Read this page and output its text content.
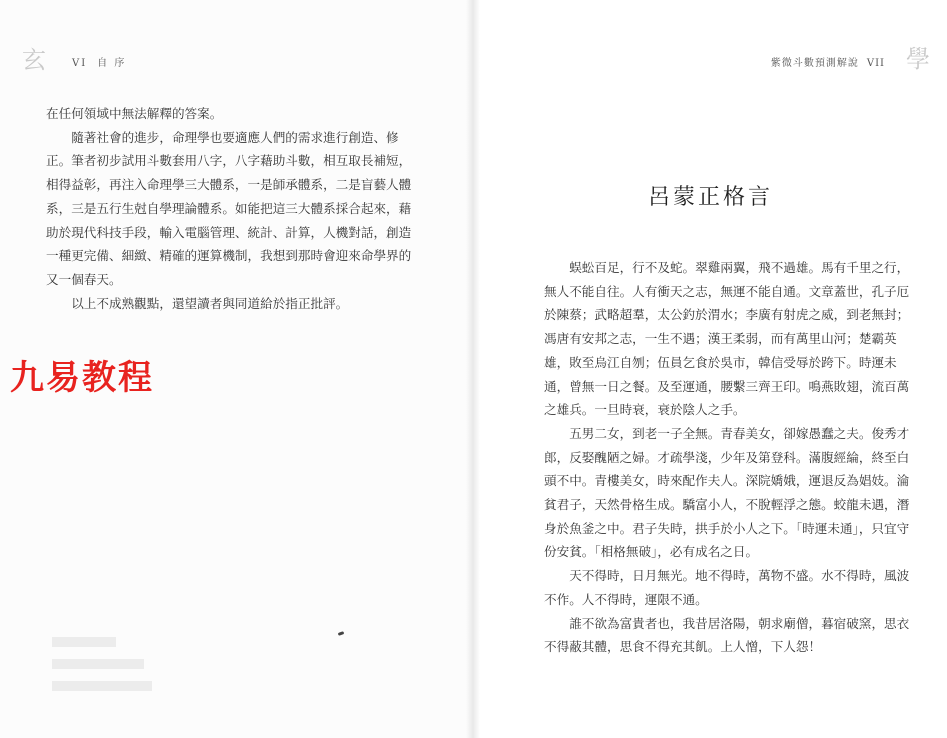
玄	VI 自 序

在任何領域中無法解釋的答案。

隨著社會的進步，命理學也要適應人們的需求進行創造、修正。筆者初步試用斗數套用八字，八字藉助斗數，相互取長補短，相得益彰，再注入命理學三大體系，一是師承體系，二是盲藝人體系，三是五行生尅自學理論體系。如能把這三大體系採合起來，藉助於現代科技手段，輸入電腦管理、統計、計算，人機對話，創造一種更完備、細緻、精確的運算機制，我想到那時會迎來命學界的又一個春天。

以上不成熟觀點，還望讀者與同道給於指正批評。

九易教程
紫微斗數預測解說 VII 學
呂蒙正格言

蜈蚣百足，行不及蛇。翠雞兩翼，飛不過雄。馬有千里之行，無人不能自往。人有衝天之志，無運不能自通。文章蓋世，孔子厄於陳蔡；武略超羣，太公釣於渭水；李廣有射虎之威，到老無封；馮唐有安邦之志，一生不遇；漢王柔弱，而有萬里山河；楚霸英雄，敗至烏江自刎；伍員乞食於吳市，韓信受辱於跨下。時運未通，曾無一日之餐。及至運通，腰繫三齊王印。鳴燕敗翅，流百萬之雄兵。一旦時衰，衰於陰人之手。

五男二女，到老一子全無。青春美女，卻嫁愚蠢之夫。俊秀才郎，反娶醜陋之婦。才疏學淺，少年及第登科。滿腹經綸，終至白頭不中。青樓美女，時來配作夫人。深院嬌娥，運退反為娼妓。淪貧君子，天然骨格生成。驕富小人，不脫輕浮之態。蛟龍未遇，潛身於魚釜之中。君子失時，拱手於小人之下。「時運未通」，只宜守份安貧。「相格無破」，必有成名之日。

天不得時，日月無光。地不得時，萬物不盛。水不得時，風波不作。人不得時，運限不通。

誰不欲為富貴者也，我昔居洛陽，朝求廟僧，暮宿破窯，思衣不得蔽其體，思食不得充其飢。上人憎，下人怨！
